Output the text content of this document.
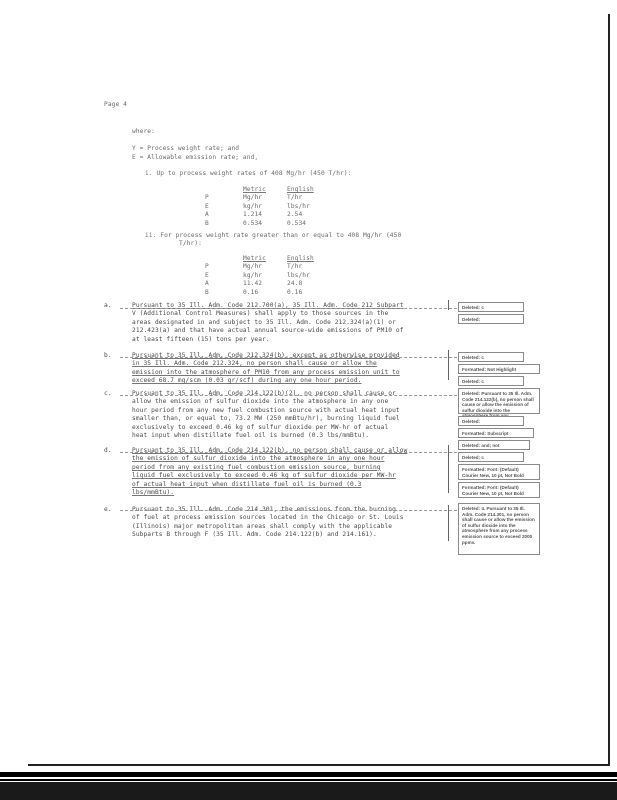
Page 4
where:
Y = Process weight rate; and
E = Allowable emission rate; and,
i. Up to process weight rates of 408 Mg/hr (450 T/hr):
Metric	English
P	Mg/hr	T/hr
E	kg/hr	lbs/hr
A	1.214	2.54
B	0.534	0.534
ii. For process weight rate greater than or equal to 408 Mg/hr (450
T/hr):
Metric	English
P	Mg/hr	T/hr
E	kg/hr	lbs/hr
A	11.42	24.8
B	0.16	0.16
a.	Pursuant to 35 Ill. Adm. Code 212.700(a), 35 Ill. Adm. Code 212 Subpart
V (Additional Control Measures) shall apply to those sources in the
areas designated in and subject to 35 Ill. Adm. Code 212.324(a)(1) or
212.423(a) and that have actual annual source-wide emissions of PM10 of
at least fifteen (15) tons per year.
b.	Pursuant to 35 Ill. Adm. Code 212.324(b), except as otherwise provided
in 35 Ill. Adm. Code 212.324, no person shall cause or allow the
emission into the atmosphere of PM10 from any process emission unit to
exceed 68.7 mg/scm (0.03 gr/scf) during any one hour period.
c.	Pursuant to 35 Ill. Adm. Code 214.122(b)(2), no person shall cause or
allow the emission of sulfur dioxide into the atmosphere in any one
hour period from any new fuel combustion source with actual heat input
smaller than, or equal to, 73.2 MW (250 mmBtu/hr), burning liquid fuel
exclusively to exceed 0.46 kg of sulfur dioxide per MW-hr of actual
heat input when distillate fuel oil is burned (0.3 lbs/mmBtu).
d.	Pursuant to 35 Ill. Adm. Code 214.122(b), no person shall cause or allow
the emission of sulfur dioxide into the atmosphere in any one hour
period from any existing fuel combustion emission source, burning
liquid fuel exclusively to exceed 0.46 kg of sulfur dioxide per MW-hr
of actual heat input when distillate fuel oil is burned (0.3
lbs/mmBtu).
e.	Pursuant to 35 Ill. Adm. Code 214.301, the emissions from the burning
of fuel at process emission sources located in the Chicago or St. Louis
(Illinois) major metropolitan areas shall comply with the applicable
Subparts B through F (35 Ill. Adm. Code 214.122(b) and 214.161).
Deleted: c
Deleted:
Deleted: c
Formatted: Not Highlight
Deleted: c
Deleted: Pursuant to 35 Ill. Adm. Code 214.122(b), no person shall cause or allow the emission of sulfur dioxide into the
Deleted:
Formatted: Subscript
Deleted: and; not
Deleted: c
Formatted: Font: (Default) Courier New, 10 pt, Not Bold
Formatted: Font: (Default) Courier New, 10 pt, Not Bold
Deleted: 4. Pursuant to 35 Ill. Adm. Code 214.301, no person shall cause or allow the emission of sulfur dioxide into the atmosphere from any process emission source to exceed 2000 ppmv.
